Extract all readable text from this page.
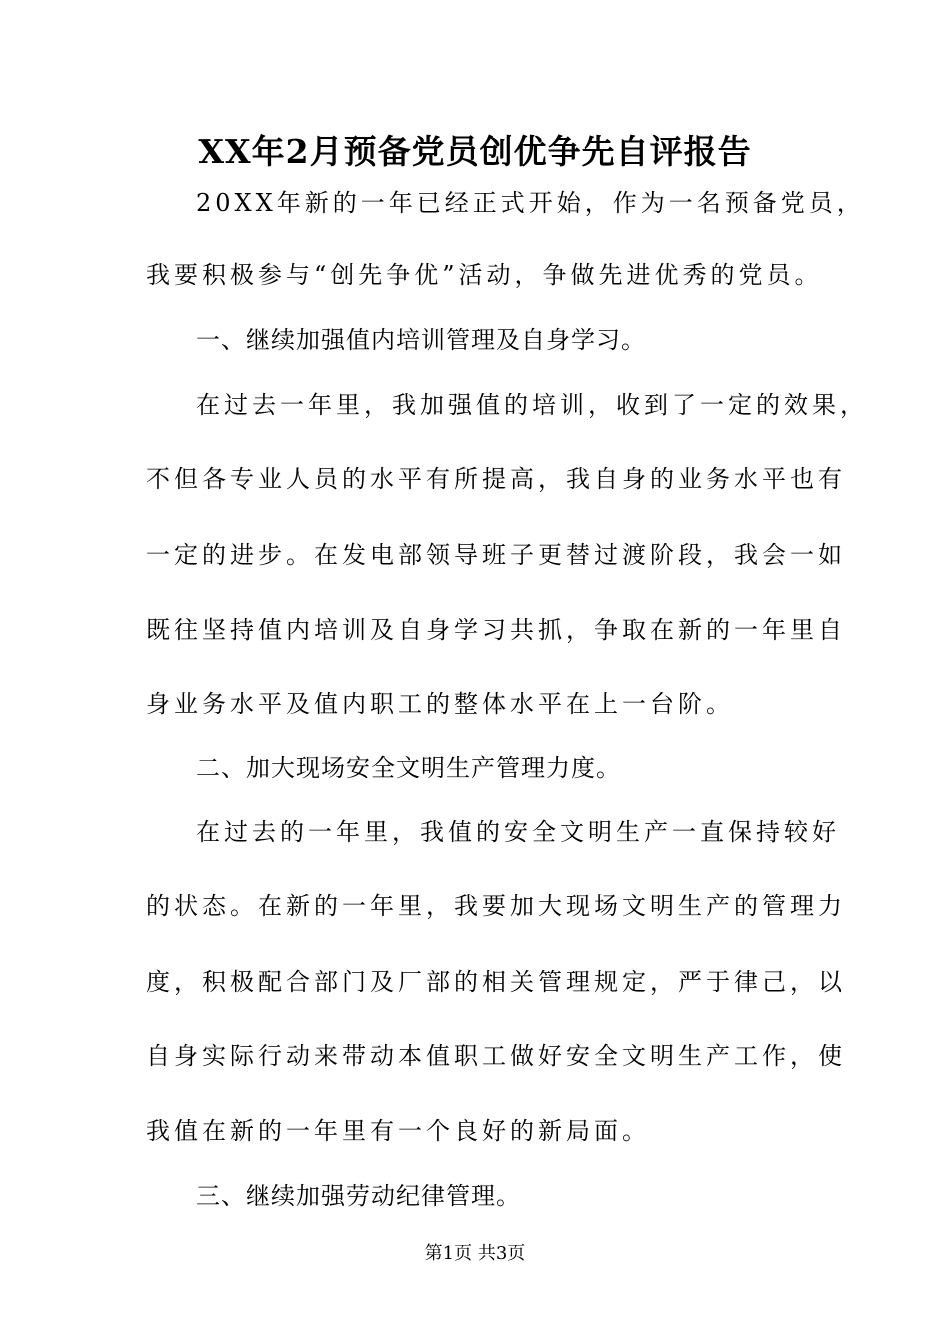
XX年2月预备党员创优争先自评报告
20XX年新的一年已经正式开始，作为一名预备党员，
我要积极参与“创先争优”活动，争做先进优秀的党员。
一、继续加强值内培训管理及自身学习。
在过去一年里，我加强值的培训，收到了一定的效果，
不但各专业人员的水平有所提高，我自身的业务水平也有
一定的进步。在发电部领导班子更替过渡阶段，我会一如
既往坚持值内培训及自身学习共抓，争取在新的一年里自
身业务水平及值内职工的整体水平在上一台阶。
二、加大现场安全文明生产管理力度。
在过去的一年里，我值的安全文明生产一直保持较好
的状态。在新的一年里，我要加大现场文明生产的管理力
度，积极配合部门及厂部的相关管理规定，严于律己，以
自身实际行动来带动本值职工做好安全文明生产工作，使
我值在新的一年里有一个良好的新局面。
三、继续加强劳动纪律管理。
第1页 共3页
